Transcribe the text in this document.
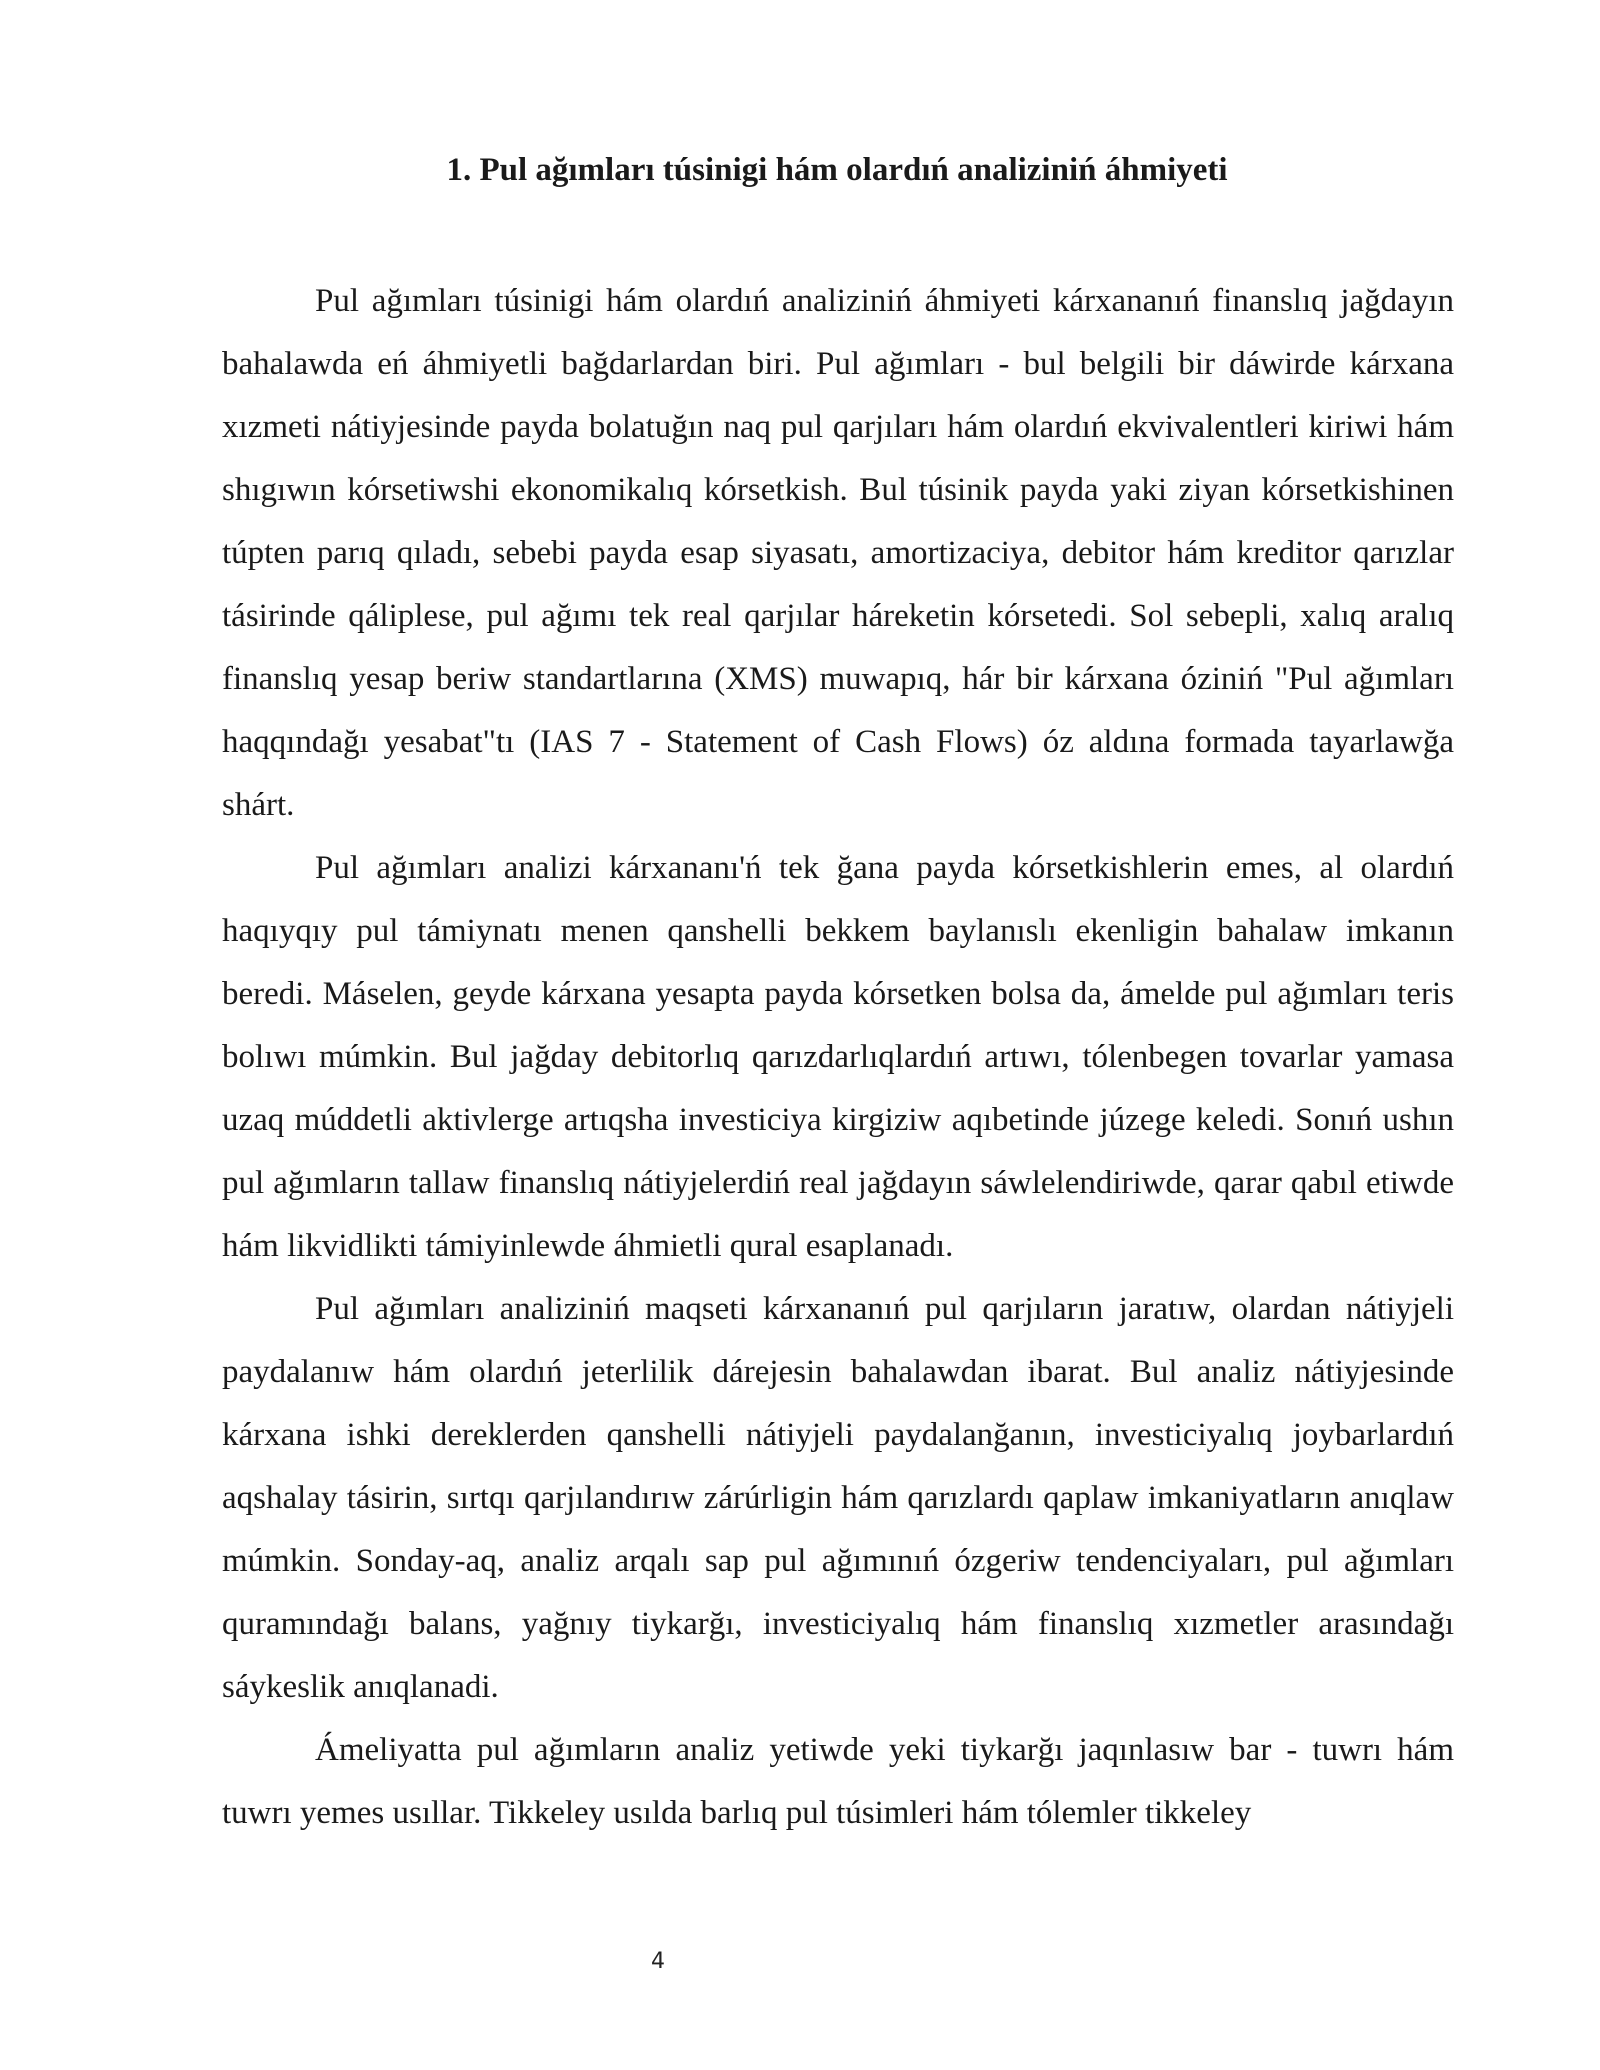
1. Pul ağımları túsinigi hám olardıń analiziniń áhmiyeti

Pul ağımları túsinigi hám olardıń analiziniń áhmiyeti kárxananıń finanslıq jağdayın bahalawda eń áhmiyetli bağdarlardan biri. Pul ağımları - bul belgili bir dáwirde kárxana xızmeti nátiyjesinde payda bolatuğın naq pul qarjıları hám olardıń ekvivalentleri kiriwi hám shıgıwın kórsetiwshi ekonomikalıq kórsetkish. Bul túsinik payda yaki ziyan kórsetkishinen túpten parıq qıladı, sebebi payda esap siyasatı, amortizaciya, debitor hám kreditor qarızlar tásirinde qáliplese, pul ağımı tek real qarjılar háreketin kórsetedi. Sol sebepli, xalıq aralıq finanslıq yesap beriw standartlarına (XMS) muwapıq, hár bir kárxana óziniń "Pul ağımları haqqındağı yesabat"tı (IAS 7 - Statement of Cash Flows) óz aldına formada tayarlawğa shárt.

Pul ağımları analizi kárxananı'ń tek ğana payda kórsetkishlerin emes, al olardıń haqıyqıy pul támiynatı menen qanshelli bekkem baylanıslı ekenligin bahalaw imkanın beredi. Máselen, geyde kárxana yesapta payda kórsetken bolsa da, ámelde pul ağımları teris bolıwı múmkin. Bul jağday debitorlıq qarızdarlıqlardıń artıwı, tólenbegen tovarlar yamasa uzaq múddetli aktivlerge artıqsha investiciya kirgiziw aqıbetinde júzege keledi. Sonıń ushın pul ağımların tallaw finanslıq nátiyjelerdiń real jağdayın sáwlelendiriwde, qarar qabıl etiwde hám likvidlikti támiyinlewde áhmietli qural esaplanadı.

Pul ağımları analiziniń maqseti kárxananıń pul qarjıların jaratıw, olardan nátiyjeli paydalanıw hám olardıń jeterlilik dárejesin bahalawdan ibarat. Bul analiz nátiyjesinde kárxana ishki dereklerden qanshelli nátiyjeli paydalanğanın, investiciyalıq joybarlardıń aqshalay tásirin, sırtqı qarjılandırıw zárúrligin hám qarızlardı qaplaw imkaniyatların anıqlaw múmkin. Sonday-aq, analiz arqalı sap pul ağımınıń ózgeriw tendenciyaları, pul ağımları quramındağı balans, yağnıy tiykarğı, investiciyalıq hám finanslıq xızmetler arasındağı sáykeslik anıqlanadi.

Ámeliyatta pul ağımların analiz yetiwde yeki tiykarğı jaqınlasıw bar - tuwrı hám tuwrı yemes usıllar. Tikkeley usılda barlıq pul túsimleri hám tólemler tikkeley

4
